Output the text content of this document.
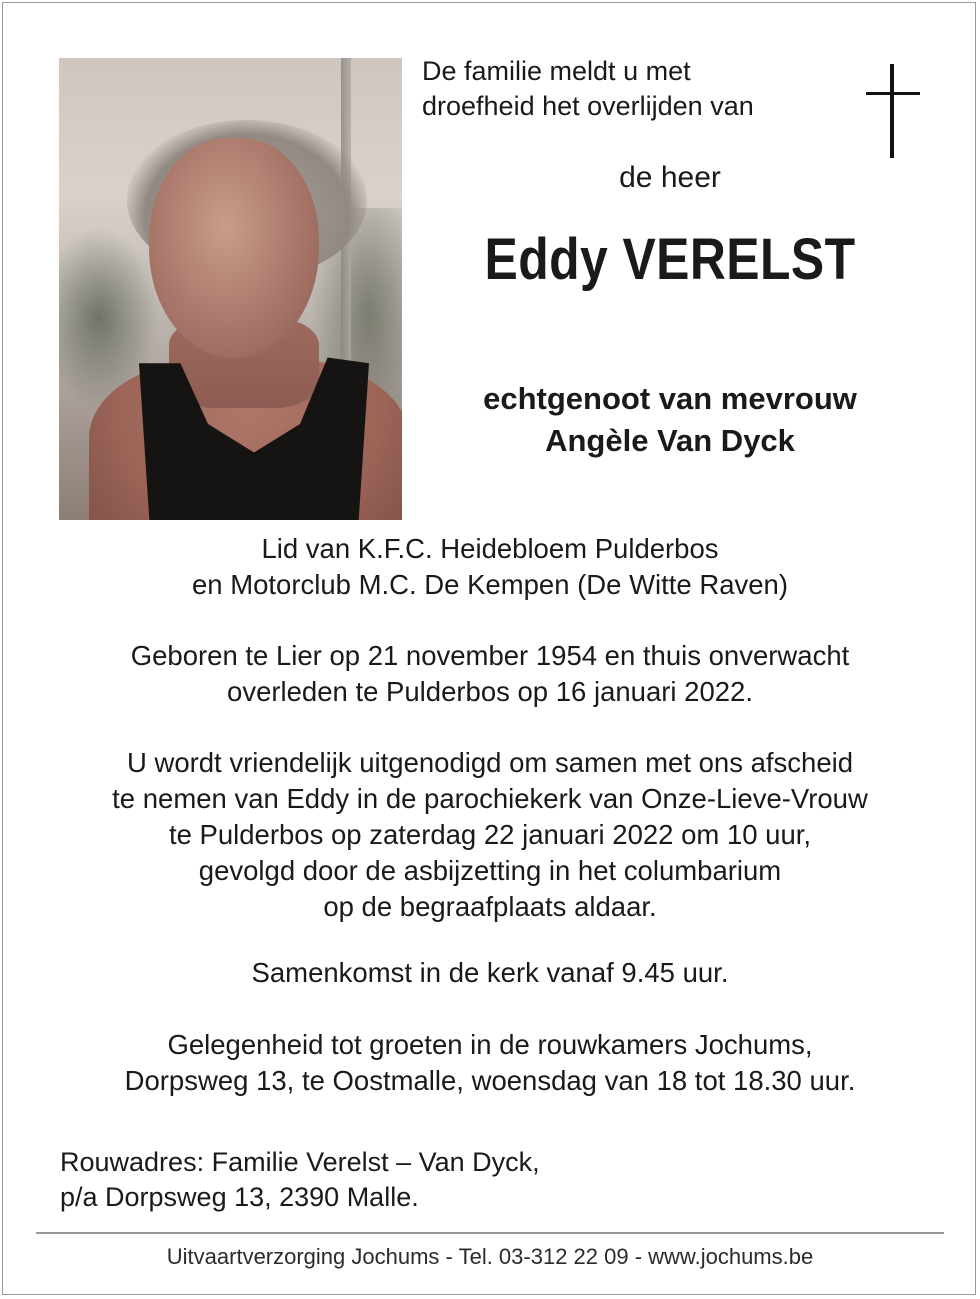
De familie meldt u met
droefheid het overlijden van
de heer
Eddy VERELST
echtgenoot van mevrouw
Angèle Van Dyck
Lid van K.F.C. Heidebloem Pulderbos
en Motorclub M.C. De Kempen (De Witte Raven)
Geboren te Lier op 21 november 1954 en thuis onverwacht
overleden te Pulderbos op 16 januari 2022.
U wordt vriendelijk uitgenodigd om samen met ons afscheid
te nemen van Eddy in de parochiekerk van Onze-Lieve-Vrouw
te Pulderbos op zaterdag 22 januari 2022 om 10 uur,
gevolgd door de asbijzetting in het columbarium
op de begraafplaats aldaar.
Samenkomst in de kerk vanaf 9.45 uur.
Gelegenheid tot groeten in de rouwkamers Jochums,
Dorpsweg 13, te Oostmalle, woensdag van 18 tot 18.30 uur.
Rouwadres: Familie Verelst – Van Dyck,
p/a Dorpsweg 13, 2390 Malle.
Uitvaartverzorging Jochums - Tel. 03-312 22 09 - www.jochums.be
